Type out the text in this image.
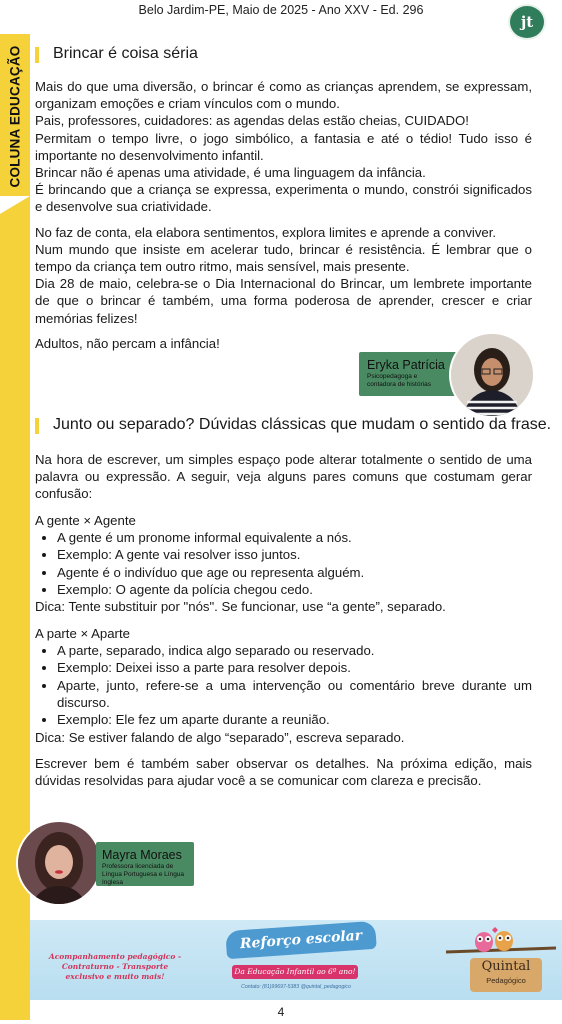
Belo Jardim-PE, Maio de 2025 - Ano XXV - Ed. 296
jt
COLUNA EDUCAÇÃO	Brincar é coisa séria

Mais do que uma diversão, o brincar é como as crianças aprendem, se expressam, organizam emoções e criam vínculos com o mundo.

Pais, professores, cuidadores: as agendas delas estão cheias, CUIDADO!

Permitam o tempo livre, o jogo simbólico, a fantasia e até o tédio! Tudo isso é importante no desenvolvimento infantil.

Brincar não é apenas uma atividade, é uma linguagem da infância.

É brincando que a criança se expressa, experimenta o mundo, constrói significados e desenvolve sua criatividade.

No faz de conta, ela elabora sentimentos, explora limites e aprende a conviver.

Num mundo que insiste em acelerar tudo, brincar é resistência. É lembrar que o tempo da criança tem outro ritmo, mais sensível, mais presente.

Dia 28 de maio, celebra-se o Dia Internacional do Brincar, um lembrete importante de que o brincar é também, uma forma poderosa de aprender, crescer e criar memórias felizes!

Adultos, não percam a infância!

Eryka Patrícia
Psicopedagoga e contadora de histórias
Junto ou separado? Dúvidas clássicas que mudam o sentido da frase.

Na hora de escrever, um simples espaço pode alterar totalmente o sentido de uma palavra ou expressão. A seguir, veja alguns pares comuns que costumam gerar confusão:

A gente × Agente

• A gente é um pronome informal equivalente a nós.
• Exemplo: A gente vai resolver isso juntos.
• Agente é o indivíduo que age ou representa alguém.
• Exemplo: O agente da polícia chegou cedo.

Dica: Tente substituir por "nós". Se funcionar, use “a gente”, separado.

A parte × Aparte

• A parte, separado, indica algo separado ou reservado.
• Exemplo: Deixei isso a parte para resolver depois.
• Aparte, junto, refere-se a uma intervenção ou comentário breve durante um discurso.
• Exemplo: Ele fez um aparte durante a reunião.

Dica: Se estiver falando de algo “separado”, escreva separado.

Escrever bem é também saber observar os detalhes. Na próxima edição, mais dúvidas resolvidas para ajudar você a se comunicar com clareza e precisão.

Mayra Moraes
Professora licenciada de Língua Portuguesa e Língua Inglesa
Acompanhamento pedagógico - Contraturno - Transporte exclusivo e muito mais!
Reforço escolar
Da Educação Infantil ao 6º ano!
Contato: (81)99697-5383 @quintal_pedagogico
Quintal
Pedagógico
4
